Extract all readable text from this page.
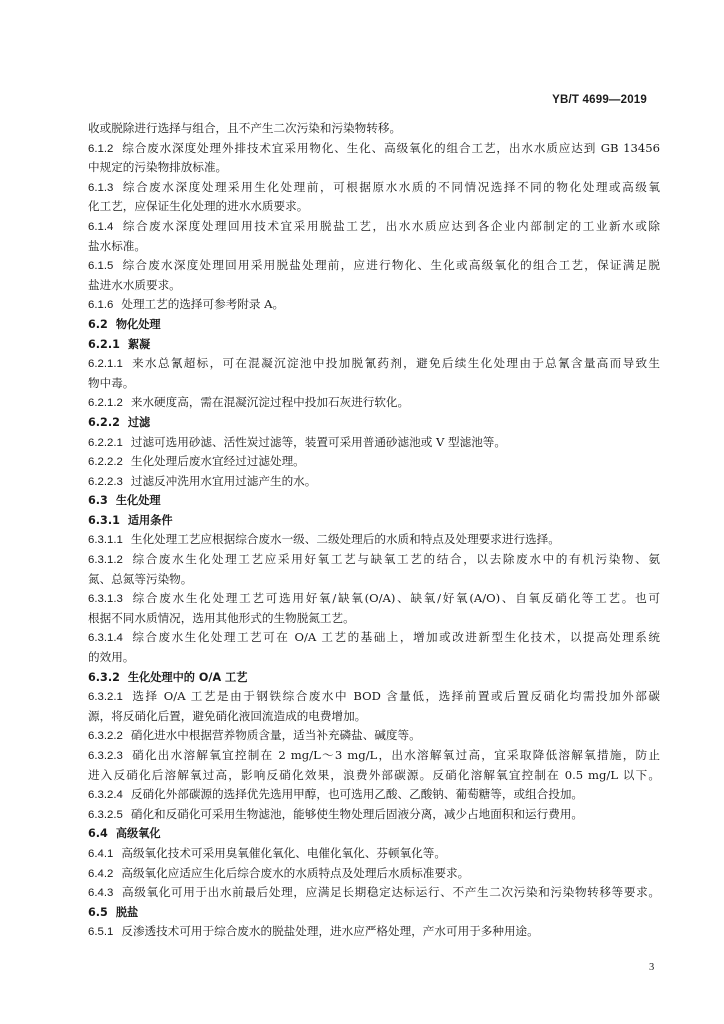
YB/T 4699—2019
收或脱除进行选择与组合，且不产生二次污染和污染物转移。
6.1.2 综合废水深度处理外排技术宜采用物化、生化、高级氧化的组合工艺，出水水质应达到 GB 13456
中规定的污染物排放标准。
6.1.3 综合废水深度处理采用生化处理前，可根据原水水质的不同情况选择不同的物化处理或高级氧
化工艺，应保证生化处理的进水水质要求。
6.1.4 综合废水深度处理回用技术宜采用脱盐工艺，出水水质应达到各企业内部制定的工业新水或除
盐水标准。
6.1.5 综合废水深度处理回用采用脱盐处理前，应进行物化、生化或高级氧化的组合工艺，保证满足脱
盐进水水质要求。
6.1.6 处理工艺的选择可参考附录 A。
6.2 物化处理
6.2.1 絮凝
6.2.1.1 来水总氰超标，可在混凝沉淀池中投加脱氰药剂，避免后续生化处理由于总氰含量高而导致生
物中毒。
6.2.1.2 来水硬度高，需在混凝沉淀过程中投加石灰进行软化。
6.2.2 过滤
6.2.2.1 过滤可选用砂滤、活性炭过滤等，装置可采用普通砂滤池或 V 型滤池等。
6.2.2.2 生化处理后废水宜经过过滤处理。
6.2.2.3 过滤反冲洗用水宜用过滤产生的水。
6.3 生化处理
6.3.1 适用条件
6.3.1.1 生化处理工艺应根据综合废水一级、二级处理后的水质和特点及处理要求进行选择。
6.3.1.2 综合废水生化处理工艺应采用好氧工艺与缺氧工艺的结合，以去除废水中的有机污染物、氨
氮、总氮等污染物。
6.3.1.3 综合废水生化处理工艺可选用好氧/缺氧(O/A)、缺氧/好氧(A/O)、自氧反硝化等工艺。也可
根据不同水质情况，选用其他形式的生物脱氮工艺。
6.3.1.4 综合废水生化处理工艺可在 O/A 工艺的基础上，增加或改进新型生化技术，以提高处理系统
的效用。
6.3.2 生化处理中的 O/A 工艺
6.3.2.1 选择 O/A 工艺是由于钢铁综合废水中 BOD 含量低，选择前置或后置反硝化均需投加外部碳
源，将反硝化后置，避免硝化液回流造成的电费增加。
6.3.2.2 硝化进水中根据营养物质含量，适当补充磷盐、碱度等。
6.3.2.3 硝化出水溶解氧宜控制在 2 mg/L～3 mg/L，出水溶解氧过高，宜采取降低溶解氧措施，防止
进入反硝化后溶解氧过高，影响反硝化效果，浪费外部碳源。反硝化溶解氧宜控制在 0.5 mg/L 以下。
6.3.2.4 反硝化外部碳源的选择优先选用甲醇，也可选用乙酸、乙酸钠、葡萄糖等，或组合投加。
6.3.2.5 硝化和反硝化可采用生物滤池，能够使生物处理后固液分离，减少占地面积和运行费用。
6.4 高级氧化
6.4.1 高级氧化技术可采用臭氧催化氧化、电催化氧化、芬顿氧化等。
6.4.2 高级氧化应适应生化后综合废水的水质特点及处理后水质标准要求。
6.4.3 高级氧化可用于出水前最后处理，应满足长期稳定达标运行、不产生二次污染和污染物转移等要求。
6.5 脱盐
6.5.1 反渗透技术可用于综合废水的脱盐处理，进水应严格处理，产水可用于多种用途。
3
